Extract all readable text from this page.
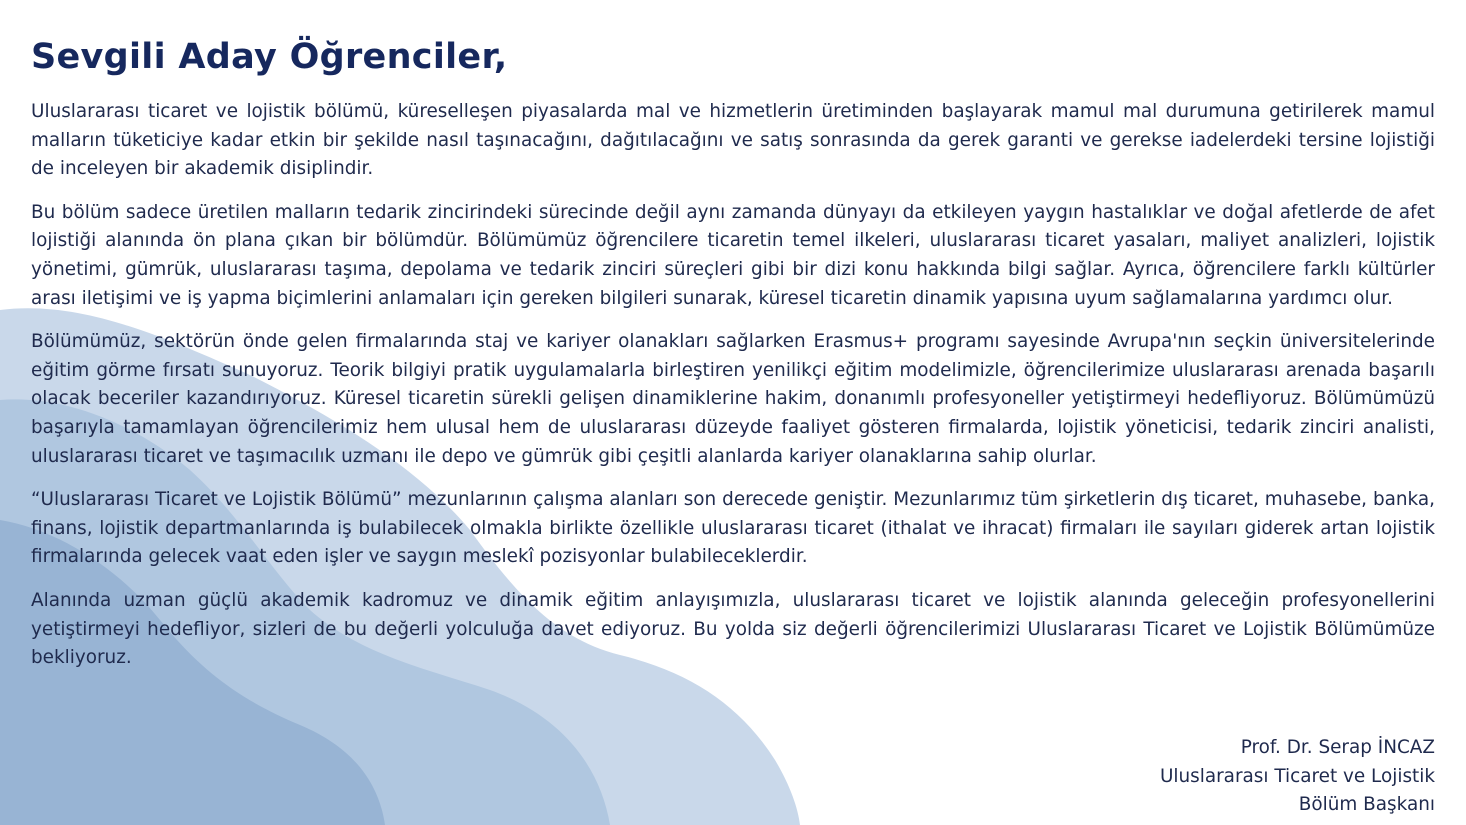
Sevgili Aday Öğrenciler,

Uluslararası ticaret ve lojistik bölümü, küreselleşen piyasalarda mal ve hizmetlerin üretiminden başlayarak mamul mal durumuna getirilerek mamul malların tüketiciye kadar etkin bir şekilde nasıl taşınacağını, dağıtılacağını ve satış sonrasında da gerek garanti ve gerekse iadelerdeki tersine lojistiği de inceleyen bir akademik disiplindir.

Bu bölüm sadece üretilen malların tedarik zincirindeki sürecinde değil aynı zamanda dünyayı da etkileyen yaygın hastalıklar ve doğal afetlerde de afet lojistiği alanında ön plana çıkan bir bölümdür. Bölümümüz öğrencilere ticaretin temel ilkeleri, uluslararası ticaret yasaları, maliyet analizleri, lojistik yönetimi, gümrük, uluslararası taşıma, depolama ve tedarik zinciri süreçleri gibi bir dizi konu hakkında bilgi sağlar. Ayrıca, öğrencilere farklı kültürler arası iletişimi ve iş yapma biçimlerini anlamaları için gereken bilgileri sunarak, küresel ticaretin dinamik yapısına uyum sağlamalarına yardımcı olur.

Bölümümüz, sektörün önde gelen firmalarında staj ve kariyer olanakları sağlarken Erasmus+ programı sayesinde Avrupa'nın seçkin üniversitelerinde eğitim görme fırsatı sunuyoruz. Teorik bilgiyi pratik uygulamalarla birleştiren yenilikçi eğitim modelimizle, öğrencilerimize uluslararası arenada başarılı olacak beceriler kazandırıyoruz. Küresel ticaretin sürekli gelişen dinamiklerine hakim, donanımlı profesyoneller yetiştirmeyi hedefliyoruz. Bölümümüzü başarıyla tamamlayan öğrencilerimiz hem ulusal hem de uluslararası düzeyde faaliyet gösteren firmalarda, lojistik yöneticisi, tedarik zinciri analisti, uluslararası ticaret ve taşımacılık uzmanı ile depo ve gümrük gibi çeşitli alanlarda kariyer olanaklarına sahip olurlar.

“Uluslararası Ticaret ve Lojistik Bölümü” mezunlarının çalışma alanları son derecede geniştir. Mezunlarımız tüm şirketlerin dış ticaret, muhasebe, banka, finans, lojistik departmanlarında iş bulabilecek olmakla birlikte özellikle uluslararası ticaret (ithalat ve ihracat) firmaları ile sayıları giderek artan lojistik firmalarında gelecek vaat eden işler ve saygın meslekî pozisyonlar bulabileceklerdir.

Alanında uzman güçlü akademik kadromuz ve dinamik eğitim anlayışımızla, uluslararası ticaret ve lojistik alanında geleceğin profesyonellerini yetiştirmeyi hedefliyor, sizleri de bu değerli yolculuğa davet ediyoruz. Bu yolda siz değerli öğrencilerimizi Uluslararası Ticaret ve Lojistik Bölümümüze bekliyoruz.

Prof. Dr. Serap İNCAZ
Uluslararası Ticaret ve Lojistik
Bölüm Başkanı
